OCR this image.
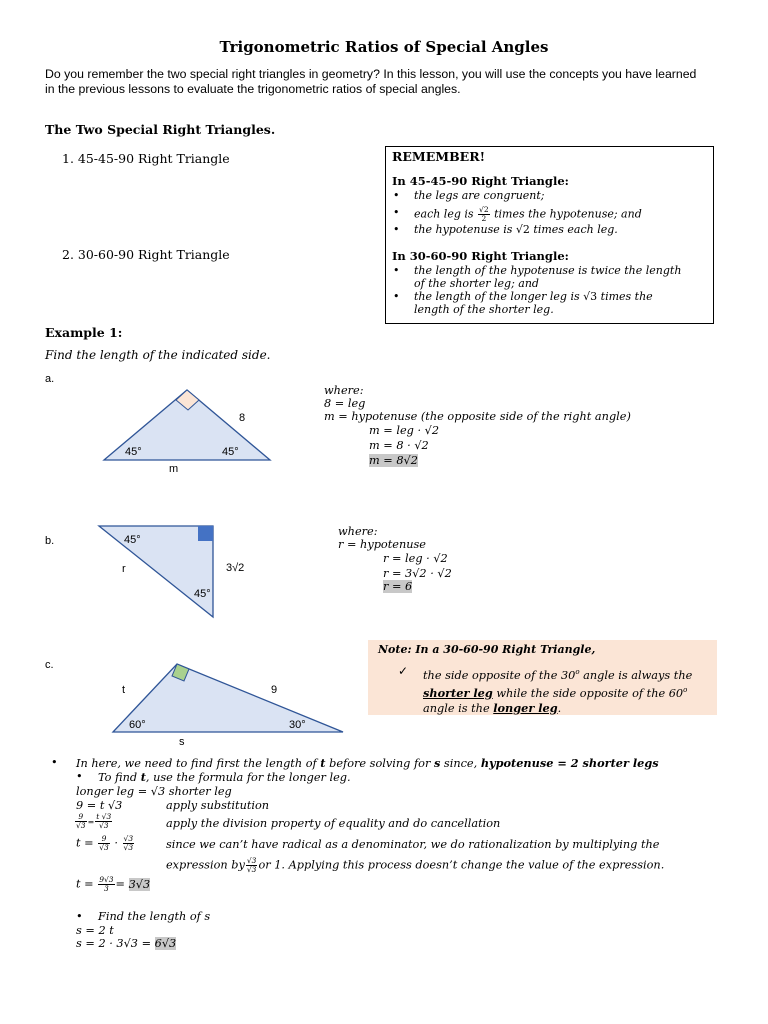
Trigonometric Ratios of Special Angles
Do you remember the two special right triangles in geometry? In this lesson, you will use the concepts you have learned in the previous lessons to evaluate the trigonometric ratios of special angles.
The Two Special Right Triangles.
1. 45-45-90 Right Triangle
2. 30-60-90 Right Triangle
REMEMBER!
In 45-45-90 Right Triangle:
• the legs are congruent;
• each leg is $\frac{√2}{2}$ times the hypotenuse; and
• the hypotenuse is √2 times each leg.
In 30-60-90 Right Triangle:
• the length of the hypotenuse is twice the length of the shorter leg; and
• the length of the longer leg is √3 times the length of the shorter leg.
Example 1:
Find the length of the indicated side.
a.
45°	45°
8
m
where:
8 = leg
m = hypotenuse (the opposite side of the right angle)
m = leg · √2
m = 8 · √2
m = 8√2
b.	45°
45°
r	3√2
where:
r = hypotenuse
r = leg · √2
r = 3√2 · √2
r = 6
c.
60°	30°
t	9
s
Note: In a 30-60-90 Right Triangle,
✓ the side opposite of the 30$^o$ angle is always the shorter leg while the side opposite of the 60$^o$ angle is the longer leg.
• In here, we need to find first the length of t before solving for s since, hypotenuse = 2 shorter legs
• To find t, use the formula for the longer leg.
longer leg = √3 shorter leg
9 = t √3	apply substitution
$\frac{9}{√3} = \frac{t √3}{√3}$	apply the division property of equality and do cancellation
$t = \frac{9}{√3} \cdot \frac{√3}{√3}$	since we can’t have radical as a denominator, we do rationalization by multiplying the
expression by $\frac{√3}{√3}$ or 1. Applying this process doesn’t change the value of the expression.
$t = \frac{9√3}{3} = 3√3$
• Find the length of s
s = 2 t
s = 2 · 3√3 = 6√3
